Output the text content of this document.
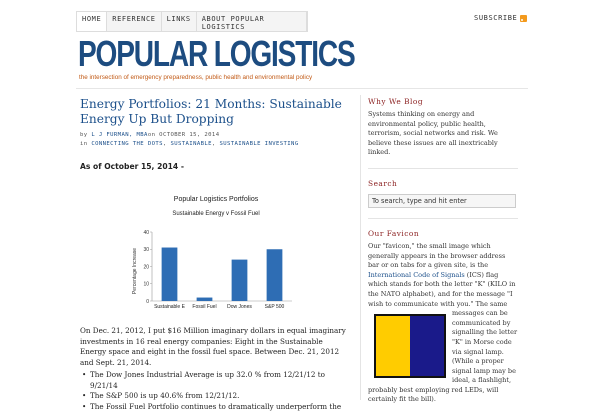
HOME	REFERENCE	LINKS	ABOUT POPULAR LOGISTICS
SUBSCRIBE
POPULAR LOGISTICS
the intersection of emergency preparedness, public health and environmental policy
Energy Portfolios: 21 Months: Sustainable Energy Up But Dropping
by L J FURMAN, MBAon OCTOBER 15, 2014
in CONNECTING THE DOTS, SUSTAINABLE, SUSTAINABLE INVESTING
As of October 15, 2014 -
Popular Logistics Portfolios
Sustainable Energy v Fossil Fuel
Percentage Increase
0
10
20
30
40
Sustainable E Fossil Fuel Dow Jones	S&P 500

On Dec. 21, 2012, I put $16 Million imaginary dollars in equal imaginary investments in 16 real energy companies: Eight in the Sustainable Energy space and eight in the fossil fuel space. Between Dec. 21, 2012 and Sept. 21, 2014.

• The Dow Jones Industrial Average is up 32.0 % from 12/21/12 to 9/21/14
• The S&P 500 is up 40.6% from 12/21/12.
• The Fossil Fuel Portfolio continues to dramatically underperform the
Why We Blog
Systems thinking on energy and environmental policy, public health, terrorism, social networks and risk. We believe these issues are all inextricably linked.
Search
To search, type and hit enter
Our Favicon
Our "favicon," the small image which generally appears in the browser address bar or on tabs for a given site, is the International Code of Signals (ICS) flag which stands for both the letter "K" (KILO in the NATO alphabet), and for the message "I wish to communicate with you." The same messages
can be communicated by signalling the letter "K" in Morse code via signal lamp. (While a proper signal lamp may be ideal, a flashlight, probably best employing red LEDs, will certainly fit the bill).
